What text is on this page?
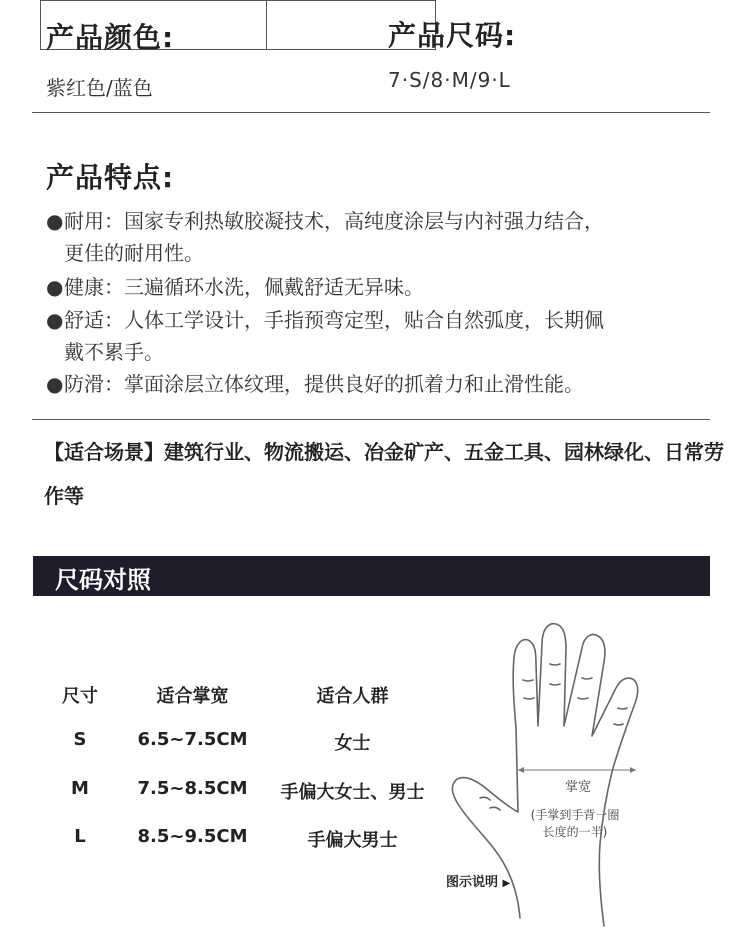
产品颜色:
紫红色/蓝色
产品尺码:
7·S/8·M/9·L
产品特点:
●耐用：国家专利热敏胶凝技术，高纯度涂层与内衬强力结合，
更佳的耐用性。
●健康：三遍循环水洗，佩戴舒适无异味。
●舒适：人体工学设计，手指预弯定型，贴合自然弧度，长期佩
戴不累手。
●防滑：掌面涂层立体纹理，提供良好的抓着力和止滑性能。
【适合场景】建筑行业、物流搬运、冶金矿产、五金工具、园林绿化、日常劳作等
尺码对照
尺寸	适合掌宽	适合人群
S	6.5~7.5CM	女士
M	7.5~8.5CM	手偏大女士、男士
L	8.5~9.5CM	手偏大男士
掌宽
(手掌到手背一圈
长度的一半)
图示说明 ▶
